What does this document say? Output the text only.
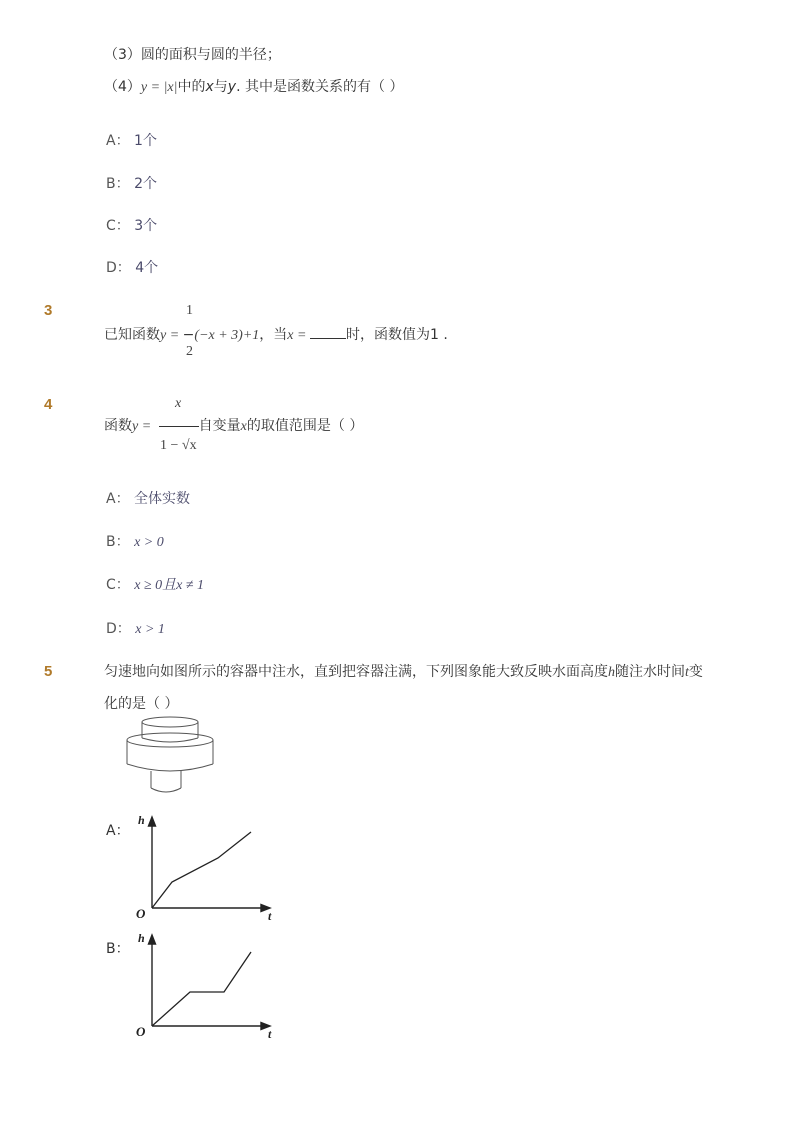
（3）圆的面积与圆的半径；
（4）y = |x|中的x与y. 其中是函数关系的有（ ）
A： 1个
B： 2个
C： 3个
D： 4个
3	1
2
已知函数y = −(−x + 3)+1，当x =	时，函数值为1 .
4	x
1 − √x
函数y =	自变量x的取值范围是（ ）
A： 全体实数
B： x > 0
C： x ≥ 0且x ≠ 1
D： x > 1
5	匀速地向如图所示的容器中注水，直到把容器注满，下列图象能大致反映水面高度h随注水时间t变
化的是（ ）
A：
h
t
O
B：
h
t
O
